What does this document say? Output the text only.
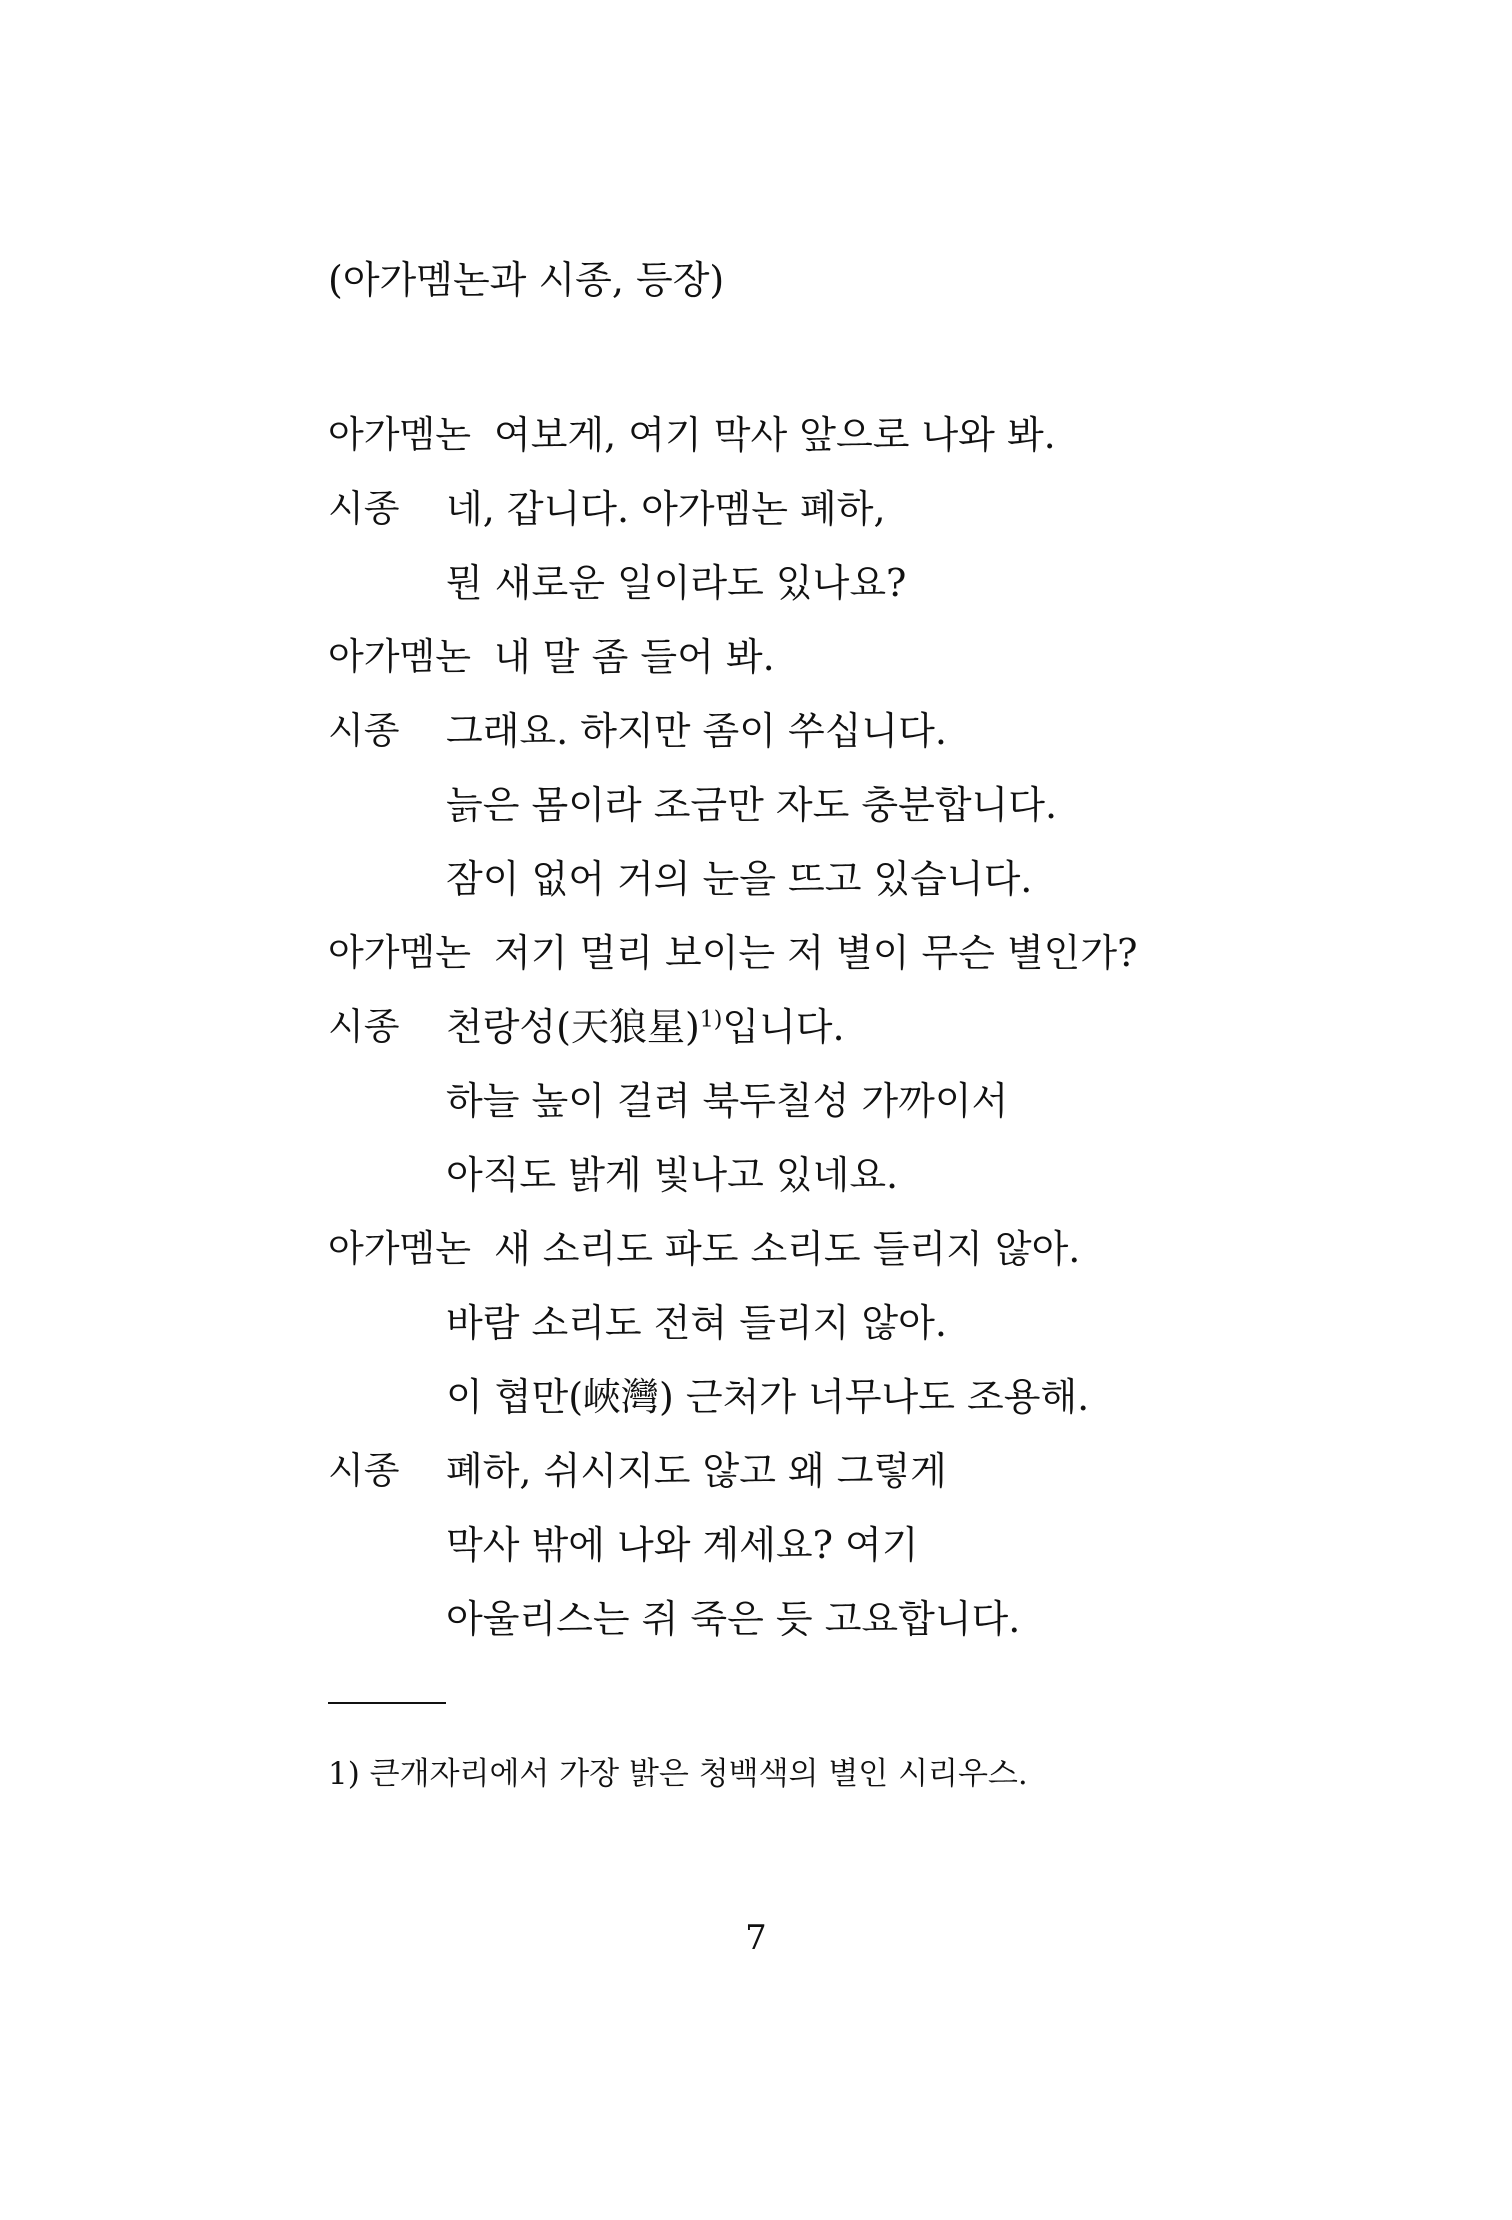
(아가멤논과 시종, 등장)
아가멤논 여보게, 여기 막사 앞으로 나와 봐.
시종 네, 갑니다. 아가멤논 폐하,
뭔 새로운 일이라도 있나요?
아가멤논 내 말 좀 들어 봐.
시종 그래요. 하지만 좀이 쑤십니다.
늙은 몸이라 조금만 자도 충분합니다.
잠이 없어 거의 눈을 뜨고 있습니다.
아가멤논 저기 멀리 보이는 저 별이 무슨 별인가?
시종 천랑성(天狼星)$^{1)}$입니다.
하늘 높이 걸려 북두칠성 가까이서
아직도 밝게 빛나고 있네요.
아가멤논 새 소리도 파도 소리도 들리지 않아.
바람 소리도 전혀 들리지 않아.
이 협만(峽灣) 근처가 너무나도 조용해.
시종 폐하, 쉬시지도 않고 왜 그렇게
막사 밖에 나와 계세요? 여기
아울리스는 쥐 죽은 듯 고요합니다.
1) 큰개자리에서 가장 밝은 청백색의 별인 시리우스.
7
